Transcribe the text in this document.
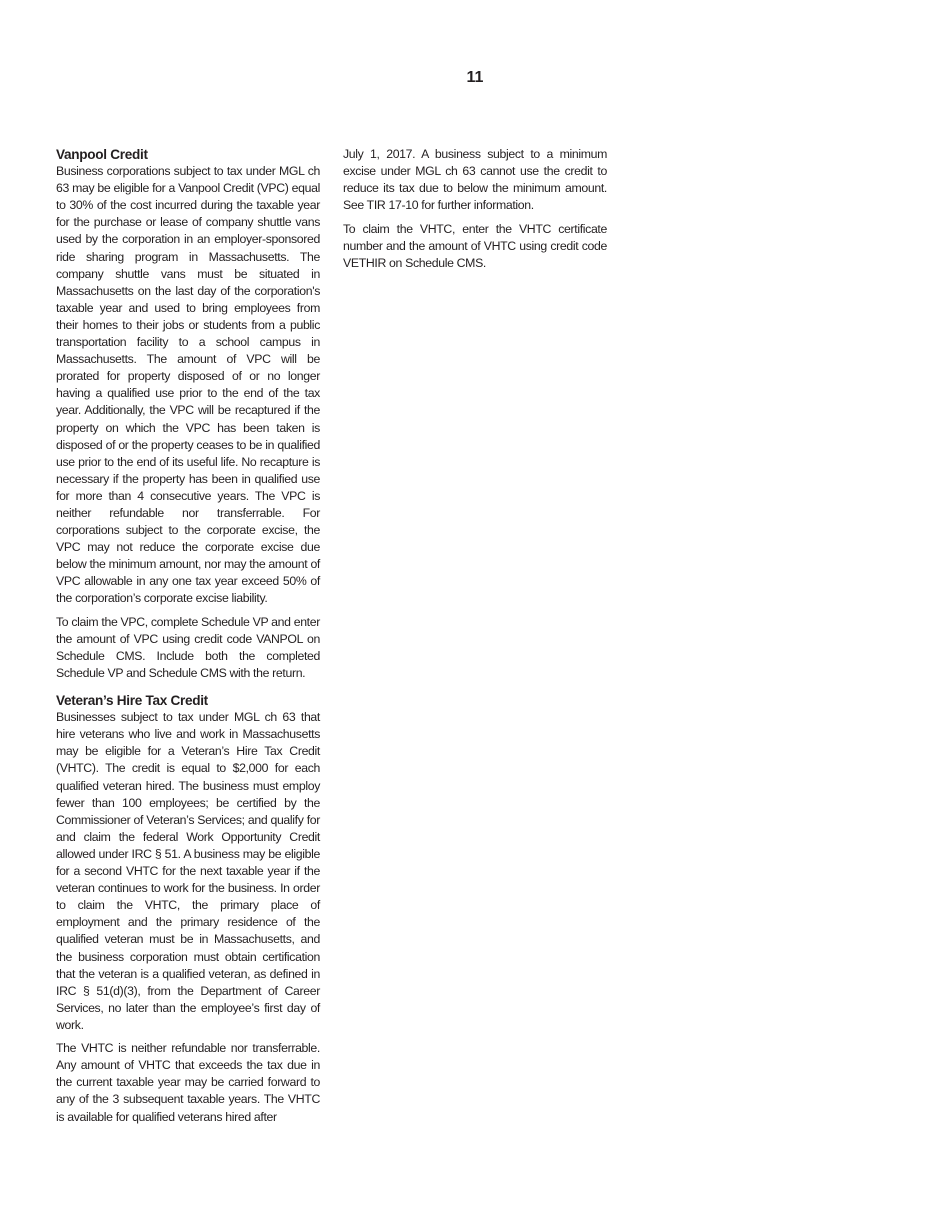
11
Vanpool Credit

Business corporations subject to tax under MGL ch 63 may be eligible for a Vanpool Credit (VPC) equal to 30% of the cost incurred during the taxable year for the purchase or lease of company shuttle vans used by the corporation in an employer-sponsored ride sharing program in Massachusetts. The company shuttle vans must be situated in Massachusetts on the last day of the corporation's taxable year and used to bring employees from their homes to their jobs or students from a public transportation facility to a school campus in Massachusetts. The amount of VPC will be prorated for property disposed of or no longer having a qualified use prior to the end of the tax year. Additionally, the VPC will be recaptured if the property on which the VPC has been taken is disposed of or the property ceases to be in qualified use prior to the end of its useful life. No recapture is necessary if the property has been in qualified use for more than 4 consecutive years. The VPC is neither refundable nor transferrable. For corporations subject to the corporate excise, the VPC may not reduce the corporate excise due below the minimum amount, nor may the amount of VPC allowable in any one tax year exceed 50% of the corporation’s corporate excise liability.

To claim the VPC, complete Schedule VP and enter the amount of VPC using credit code VANPOL on Schedule CMS. Include both the completed Schedule VP and Schedule CMS with the return.

Veteran’s Hire Tax Credit

Businesses subject to tax under MGL ch 63 that hire veterans who live and work in Massachusetts may be eligible for a Veteran’s Hire Tax Credit (VHTC). The credit is equal to $2,000 for each qualified veteran hired. The business must employ fewer than 100 employees; be certified by the Commissioner of Veteran’s Services; and qualify for and claim the federal Work Opportunity Credit allowed under IRC § 51. A business may be eligible for a second VHTC for the next taxable year if the veteran continues to work for the business. In order to claim the VHTC, the primary place of employment and the primary residence of the qualified veteran must be in Massachusetts, and the business corporation must obtain certification that the veteran is a qualified veteran, as defined in IRC § 51(d)(3), from the Department of Career Services, no later than the employee’s first day of work.

The VHTC is neither refundable nor transferrable. Any amount of VHTC that exceeds the tax due in the current taxable year may be carried forward to any of the 3 subsequent taxable years. The VHTC is available for qualified veterans hired after

July 1, 2017. A business subject to a minimum excise under MGL ch 63 cannot use the credit to reduce its tax due to below the minimum amount. See TIR 17-10 for further information.

To claim the VHTC, enter the VHTC certificate number and the amount of VHTC using credit code VETHIR on Schedule CMS.
